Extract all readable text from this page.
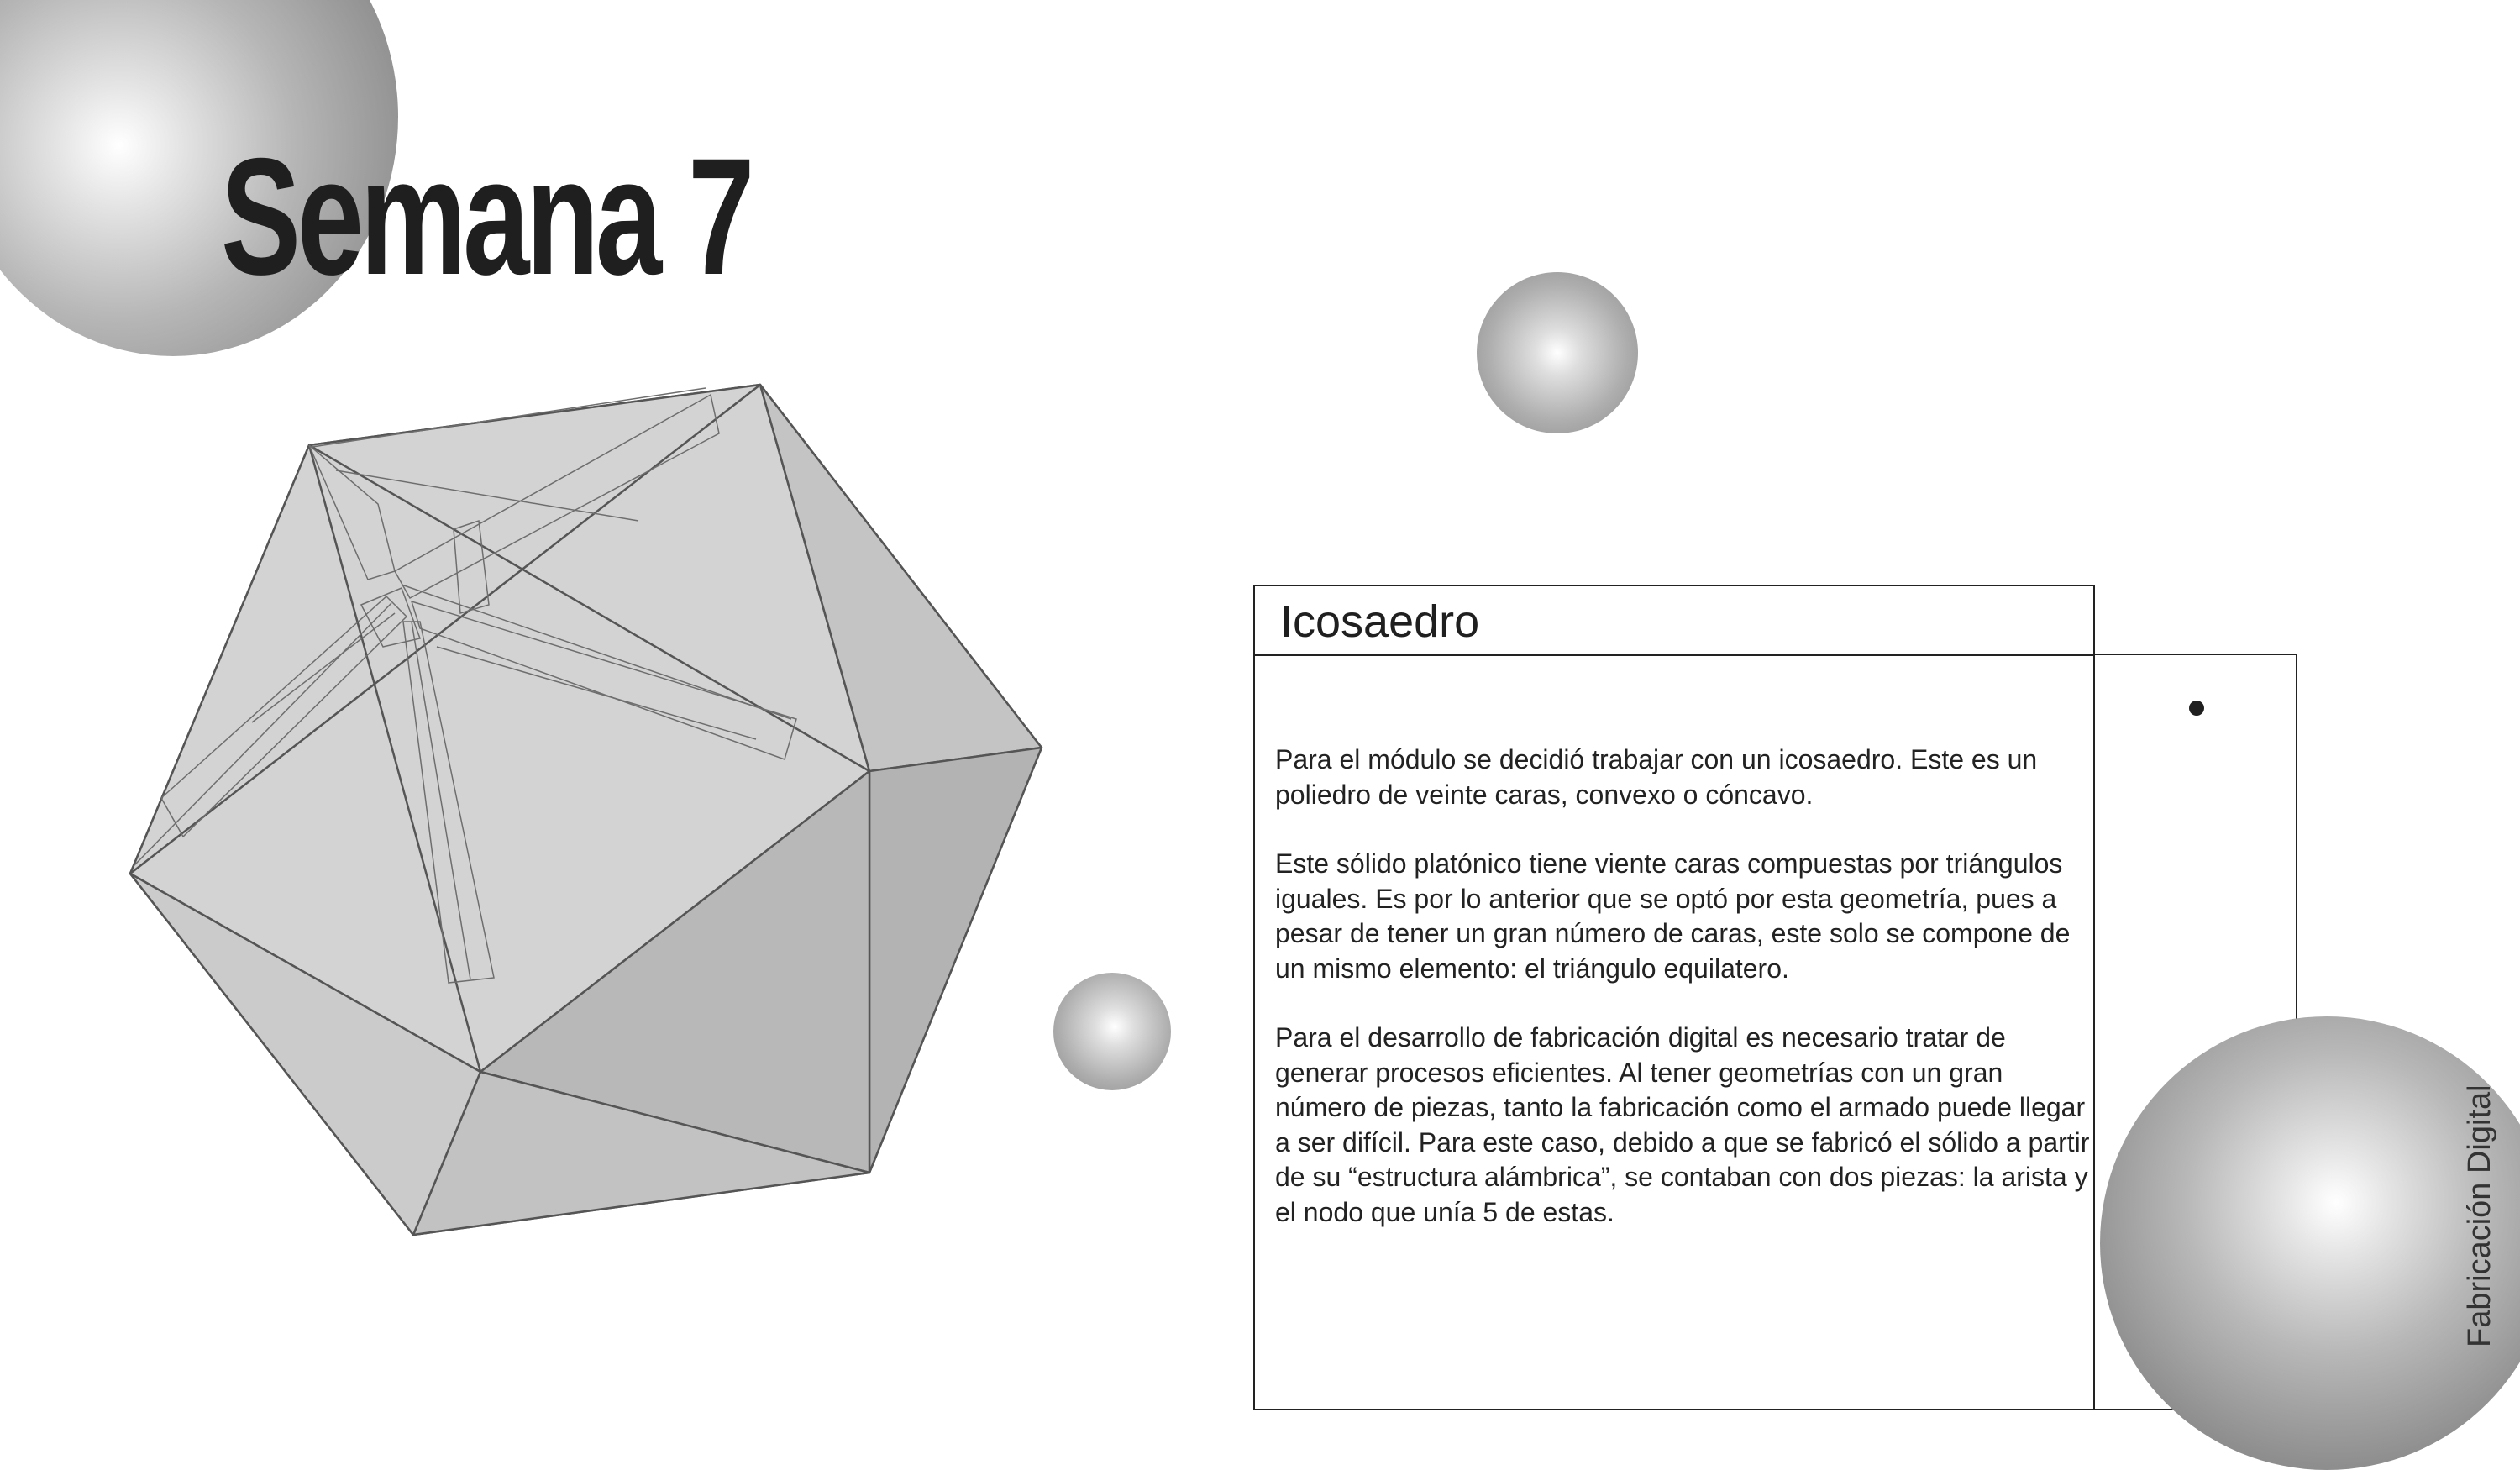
Semana 7
Icosaedro

Para el módulo se decidió trabajar con un icosaedro. Este es un poliedro de veinte caras, convexo o cóncavo.

Este sólido platónico tiene viente caras compuestas por triángulos iguales. Es por lo anterior que se optó por esta geometría, pues a pesar de tener un gran número de caras, este solo se compone de un mismo elemento: el triángulo equilatero.

Para el desarrollo de fabricación digital es necesario tratar de generar procesos eficientes. Al tener geometrías con un gran número de piezas, tanto la fabricación como el armado puede llegar a ser difícil. Para este caso, debido a que se fabricó el sólido a partir de su “estructura alámbrica”, se contaban con dos piezas: la arista y el nodo que unía 5 de estas.	Fabricación Digital
